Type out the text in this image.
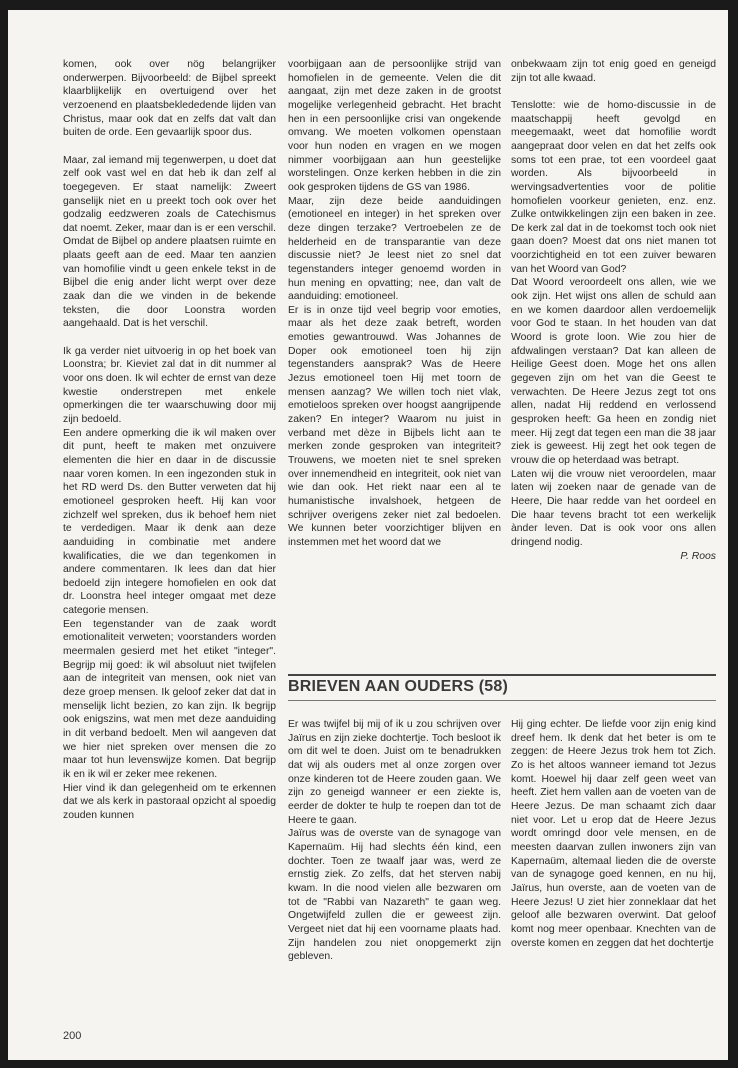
komen, ook over nög belangrijker onderwerpen. Bijvoorbeeld: de Bijbel spreekt klaarblijkelijk en overtuigend over het verzoenend en plaatsbeklededende lijden van Christus, maar ook dat en zelfs dat valt dan buiten de orde. Een gevaarlijk spoor dus.

Maar, zal iemand mij tegenwerpen, u doet dat zelf ook vast wel en dat heb ik dan zelf al toegegeven. Er staat namelijk: Zweert ganselijk niet en u preekt toch ook over het godzalig eedzweren zoals de Catechismus dat noemt. Zeker, maar dan is er een verschil. Omdat de Bijbel op andere plaatsen ruimte en plaats geeft aan de eed. Maar ten aanzien van homofilie vindt u geen enkele tekst in de Bijbel die enig ander licht werpt over deze zaak dan die we vinden in de bekende teksten, die door Loonstra worden aangehaald. Dat is het verschil.

Ik ga verder niet uitvoerig in op het boek van Loonstra; br. Kieviet zal dat in dit nummer al voor ons doen. Ik wil echter de ernst van deze kwestie onderstrepen met enkele opmerkingen die ter waarschuwing door mij zijn bedoeld.

Een andere opmerking die ik wil maken over dit punt, heeft te maken met onzuivere elementen die hier en daar in de discussie naar voren komen. In een ingezonden stuk in het RD werd Ds. den Butter verweten dat hij emotioneel gesproken heeft. Hij kan voor zichzelf wel spreken, dus ik behoef hem niet te verdedigen. Maar ik denk aan deze aanduiding in combinatie met andere kwalificaties, die we dan tegenkomen in andere commentaren. Ik lees dan dat hier bedoeld zijn integere homofielen en ook dat dr. Loonstra heel integer omgaat met deze categorie mensen.

Een tegenstander van de zaak wordt emotionaliteit verweten; voorstanders worden meermalen gesierd met het etiket "integer". Begrijp mij goed: ik wil absoluut niet twijfelen aan de integriteit van mensen, ook niet van deze groep mensen. Ik geloof zeker dat dat in menselijk licht bezien, zo kan zijn. Ik begrijp ook enigszins, wat men met deze aanduiding in dit verband bedoelt. Men wil aangeven dat we hier niet spreken over mensen die zo maar tot hun levenswijze komen. Dat begrijp ik en ik wil er zeker mee rekenen.

Hier vind ik dan gelegenheid om te erkennen dat we als kerk in pastoraal opzicht al spoedig zouden kunnen

voorbijgaan aan de persoonlijke strijd van homofielen in de gemeente. Velen die dit aangaat, zijn met deze zaken in de grootst mogelijke verlegenheid gebracht. Het bracht hen in een persoonlijke crisi van ongekende omvang. We moeten volkomen openstaan voor hun noden en vragen en we mogen nimmer voorbijgaan aan hun geestelijke worstelingen. Onze kerken hebben in die zin ook gesproken tijdens de GS van 1986.

Maar, zijn deze beide aanduidingen (emotioneel en integer) in het spreken over deze dingen terzake? Vertroebelen ze de helderheid en de transparantie van deze discussie niet? Je leest niet zo snel dat tegenstanders integer genoemd worden in hun mening en opvatting; nee, dan valt de aanduiding: emotioneel.

Er is in onze tijd veel begrip voor emoties, maar als het deze zaak betreft, worden emoties gewantrouwd. Was Johannes de Doper ook emotioneel toen hij zijn tegenstanders aansprak? Was de Heere Jezus emotioneel toen Hij met toorn de mensen aanzag? We willen toch niet vlak, emotieloos spreken over hoogst aangrijpende zaken? En integer? Waarom nu juist in verband met dèze in Bijbels licht aan te merken zonde gesproken van integriteit? Trouwens, we moeten niet te snel spreken over innemendheid en integriteit, ook niet van wie dan ook. Het riekt naar een al te humanistische invalshoek, hetgeen de schrijver overigens zeker niet zal bedoelen. We kunnen beter voorzichtiger blijven en instemmen met het woord dat we

onbekwaam zijn tot enig goed en geneigd zijn tot alle kwaad.

Tenslotte: wie de homo-discussie in de maatschappij heeft gevolgd en meegemaakt, weet dat homofilie wordt aangepraat door velen en dat het zelfs ook soms tot een prae, tot een voordeel gaat worden. Als bijvoorbeeld in wervingsadvertenties voor de politie homofielen voorkeur genieten, enz. enz. Zulke ontwikkelingen zijn een baken in zee. De kerk zal dat in de toekomst toch ook niet gaan doen? Moest dat ons niet manen tot voorzichtigheid en tot een zuiver bewaren van het Woord van God?

Dat Woord veroordeelt ons allen, wie we ook zijn. Het wijst ons allen de schuld aan en we komen daardoor allen verdoemelijk voor God te staan. In het houden van dat Woord is grote loon. Wie zou hier de afdwalingen verstaan? Dat kan alleen de Heilige Geest doen. Moge het ons allen gegeven zijn om het van die Geest te verwachten. De Heere Jezus zegt tot ons allen, nadat Hij reddend en verlossend gesproken heeft: Ga heen en zondig niet meer. Hij zegt dat tegen een man die 38 jaar ziek is geweest. Hij zegt het ook tegen de vrouw die op heterdaad was betrapt.

Laten wij die vrouw niet veroordelen, maar laten wij zoeken naar de genade van de Heere, Die haar redde van het oordeel en Die haar tevens bracht tot een werkelijk ànder leven. Dat is ook voor ons allen dringend nodig.

P. Roos

BRIEVEN AAN OUDERS (58)

Er was twijfel bij mij of ik u zou schrijven over Jaïrus en zijn zieke dochtertje. Toch besloot ik om dit wel te doen. Juist om te benadrukken dat wij als ouders met al onze zorgen over onze kinderen tot de Heere zouden gaan. We zijn zo geneigd wanneer er een ziekte is, eerder de dokter te hulp te roepen dan tot de Heere te gaan.

Jaïrus was de overste van de synagoge van Kapernaüm. Hij had slechts één kind, een dochter. Toen ze twaalf jaar was, werd ze ernstig ziek. Zo zelfs, dat het sterven nabij kwam. In die nood vielen alle bezwaren om tot de "Rabbi van Nazareth" te gaan weg. Ongetwijfeld zullen die er geweest zijn. Vergeet niet dat hij een voorname plaats had. Zijn handelen zou niet onopgemerkt zijn gebleven.

Hij ging echter. De liefde voor zijn enig kind dreef hem. Ik denk dat het beter is om te zeggen: de Heere Jezus trok hem tot Zich. Zo is het altoos wanneer iemand tot Jezus komt. Hoewel hij daar zelf geen weet van heeft. Ziet hem vallen aan de voeten van de Heere Jezus. De man schaamt zich daar niet voor. Let u erop dat de Heere Jezus wordt omringd door vele mensen, en de meesten daarvan zullen inwoners zijn van Kapernaüm, altemaal lieden die de overste van de synagoge goed kennen, en nu hij, Jaïrus, hun overste, aan de voeten van de Heere Jezus! U ziet hier zonneklaar dat het geloof alle bezwaren overwint. Dat geloof komt nog meer openbaar. Knechten van de overste komen en zeggen dat het dochtertje

200
